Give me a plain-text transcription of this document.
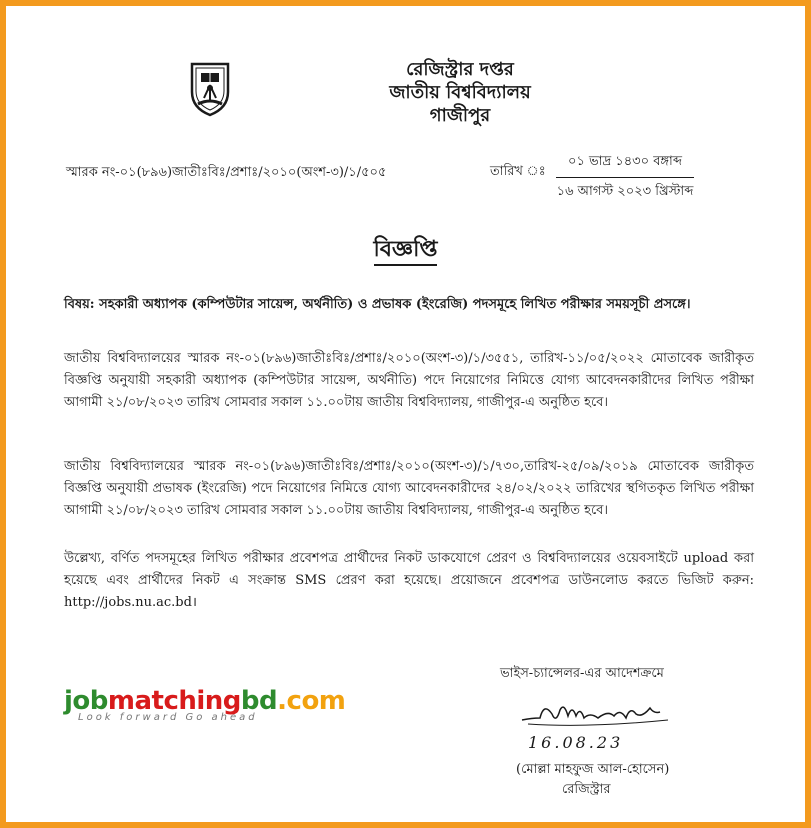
রেজিস্ট্রার দপ্তর
জাতীয় বিশ্ববিদ্যালয়
গাজীপুর
স্মারক নং-০১(৮৯৬)জাতীঃবিঃ/প্রশাঃ/২০১০(অংশ-৩)/১/৫০৫	তারিখ ঃ
০১ ভাদ্র ১৪৩০ বঙ্গাব্দ
১৬ আগস্ট ২০২৩ খ্রিস্টাব্দ
বিজ্ঞপ্তি
বিষয়: সহকারী অধ্যাপক (কম্পিউটার সায়েন্স, অর্থনীতি) ও প্রভাষক (ইংরেজি) পদসমূহে লিখিত পরীক্ষার সময়সূচী প্রসঙ্গে।
জাতীয় বিশ্ববিদ্যালয়ের স্মারক নং-০১(৮৯৬)জাতীঃবিঃ/প্রশাঃ/২০১০(অংশ-৩)/১/৩৫৫১, তারিখ-১১/০৫/২০২২ মোতাবেক জারীকৃত বিজ্ঞপ্তি অনুযায়ী সহকারী অধ্যাপক (কম্পিউটার সায়েন্স, অর্থনীতি) পদে নিয়োগের নিমিত্তে যোগ্য আবেদনকারীদের লিখিত পরীক্ষা আগামী ২১/০৮/২০২৩ তারিখ সোমবার সকাল ১১.০০টায় জাতীয় বিশ্ববিদ্যালয়, গাজীপুর-এ অনুষ্ঠিত হবে।
জাতীয় বিশ্ববিদ্যালয়ের স্মারক নং-০১(৮৯৬)জাতীঃবিঃ/প্রশাঃ/২০১০(অংশ-৩)/১/৭৩০,তারিখ-২৫/০৯/২০১৯ মোতাবেক জারীকৃত বিজ্ঞপ্তি অনুযায়ী প্রভাষক (ইংরেজি) পদে নিয়োগের নিমিত্তে যোগ্য আবেদনকারীদের ২৪/০২/২০২২ তারিখের স্থগিতকৃত লিখিত পরীক্ষা আগামী ২১/০৮/২০২৩ তারিখ সোমবার সকাল ১১.০০টায় জাতীয় বিশ্ববিদ্যালয়, গাজীপুর-এ অনুষ্ঠিত হবে।
উল্লেখ্য, বর্ণিত পদসমূহের লিখিত পরীক্ষার প্রবেশপত্র প্রার্থীদের নিকট ডাকযোগে প্রেরণ ও বিশ্ববিদ্যালয়ের ওয়েবসাইটে upload করা হয়েছে এবং প্রার্থীদের নিকট এ সংক্রান্ত SMS প্রেরণ করা হয়েছে। প্রয়োজনে প্রবেশপত্র ডাউনলোড করতে ভিজিট করুন: http://jobs.nu.ac.bd।
jobmatchingbd.com
Look forward Go ahead
ভাইস-চ্যান্সেলর-এর আদেশক্রমে
16.08.23
(মোল্লা মাহফুজ আল-হোসেন)
রেজিস্ট্রার
